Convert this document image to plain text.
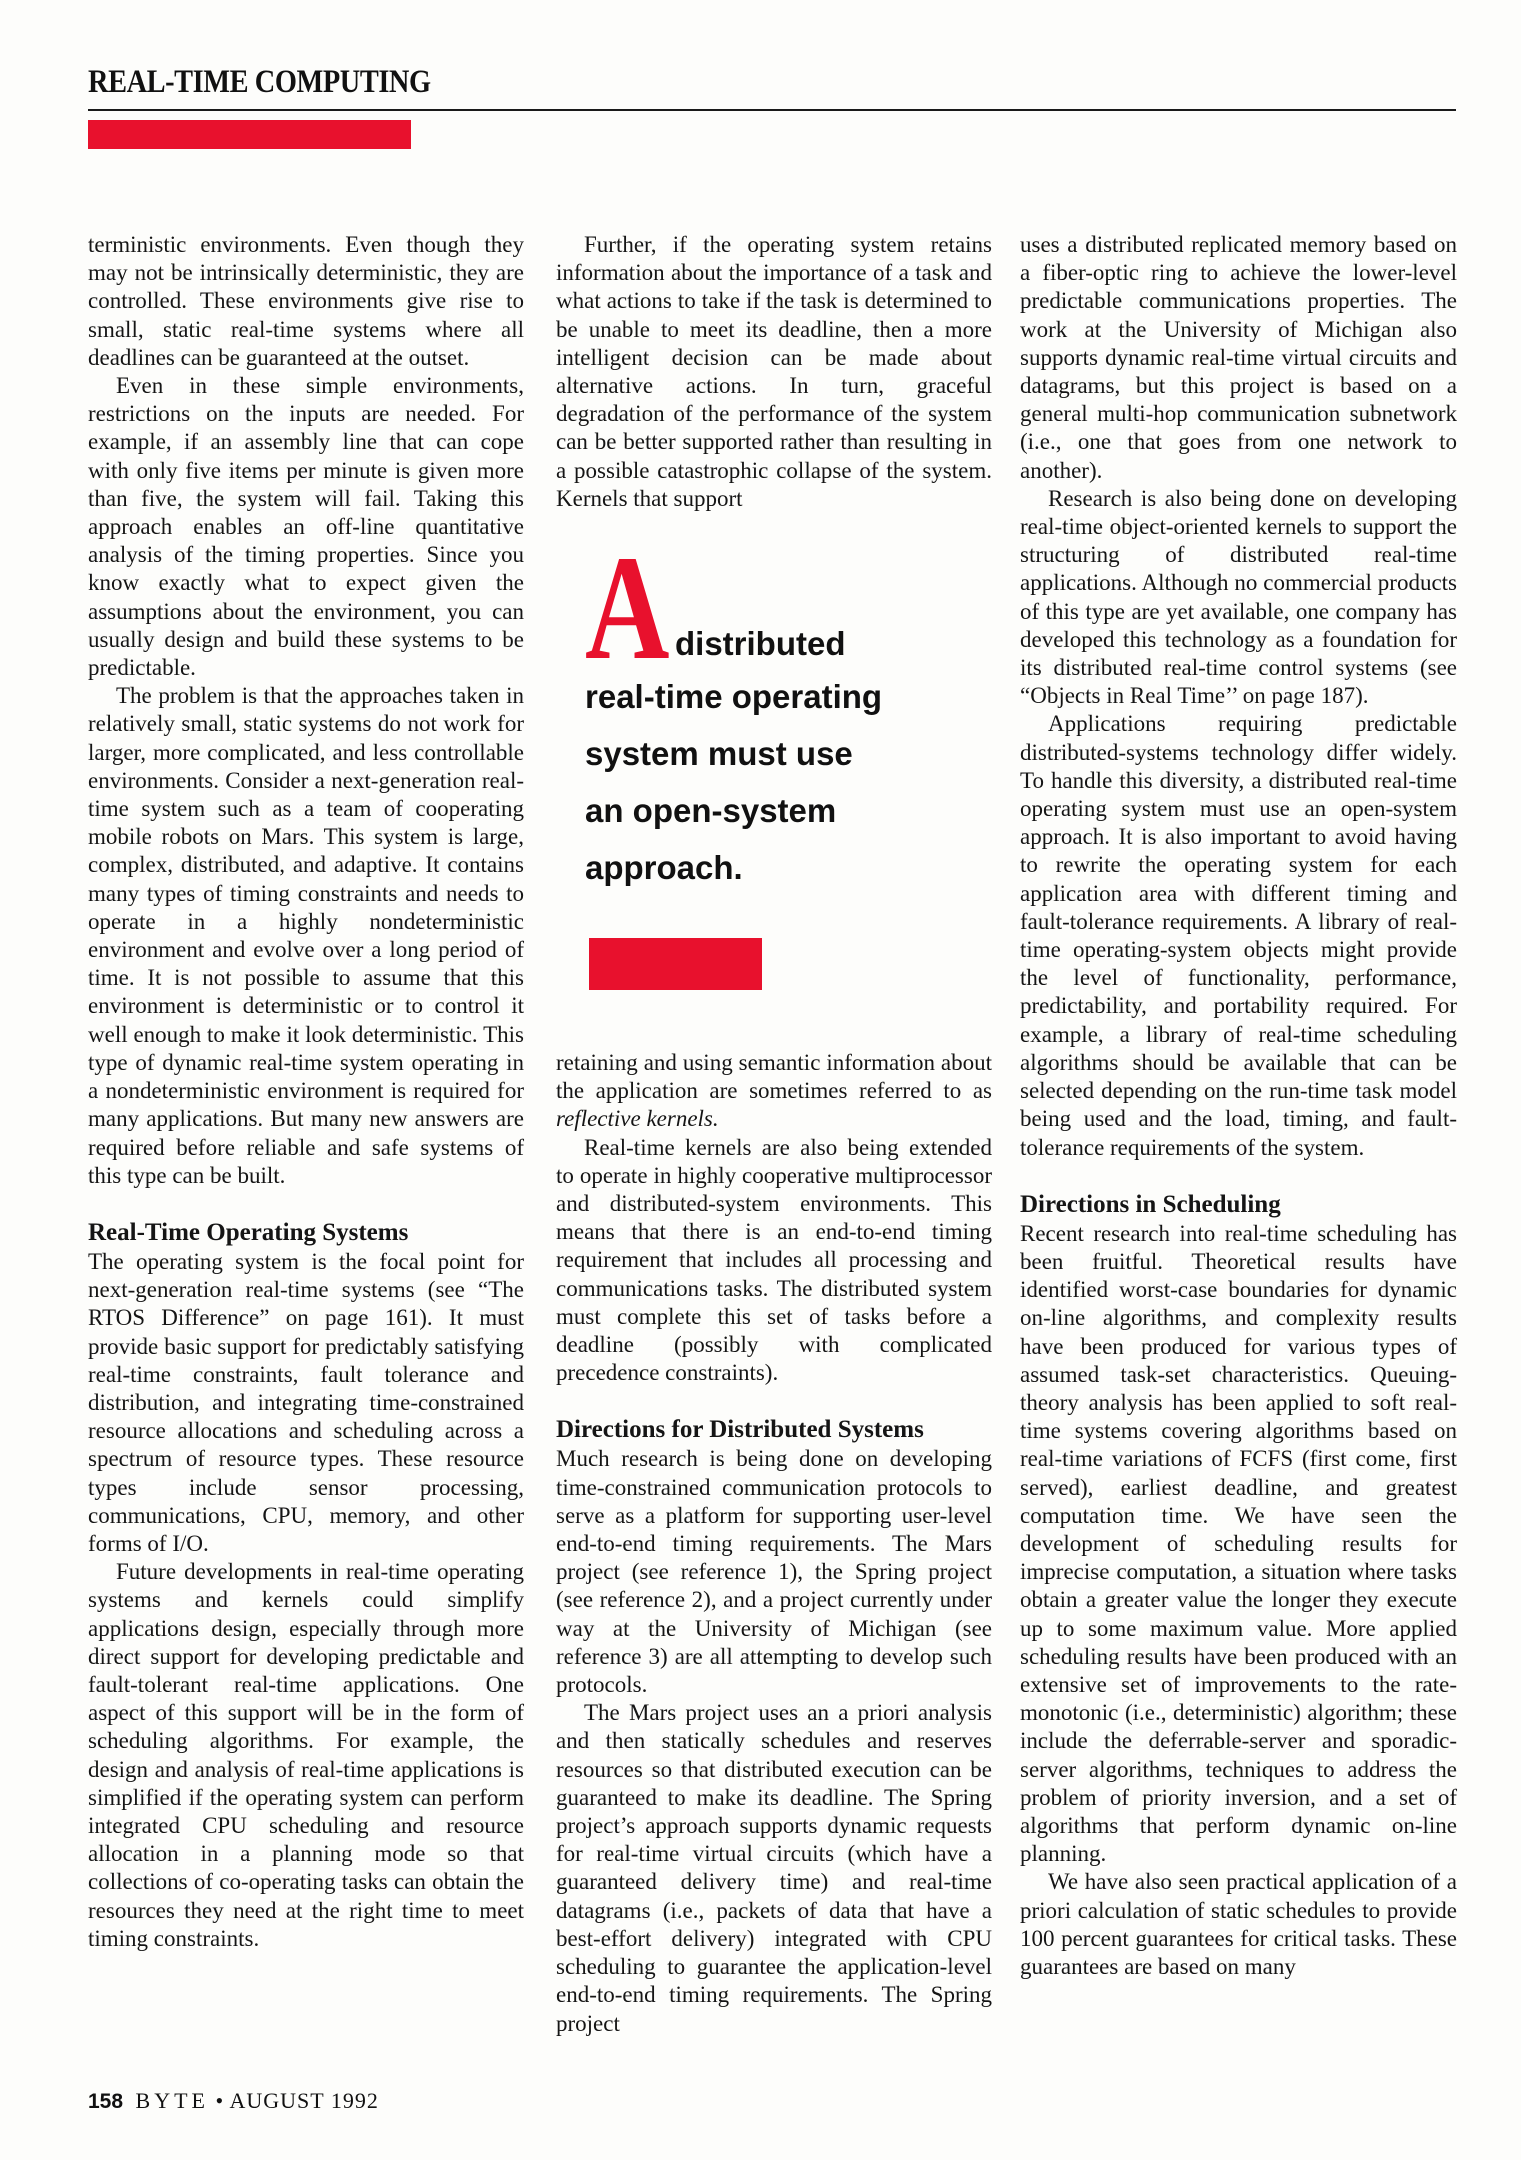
REAL-TIME COMPUTING

terministic environments. Even though they may not be intrinsically deterministic, they are controlled. These environments give rise to small, static real-time systems where all deadlines can be guaranteed at the outset.

Even in these simple environments, restrictions on the inputs are needed. For example, if an assembly line that can cope with only five items per minute is given more than five, the system will fail. Taking this approach enables an off-line quantitative analysis of the timing properties. Since you know exactly what to expect given the assumptions about the environment, you can usually design and build these systems to be predictable.

The problem is that the approaches taken in relatively small, static systems do not work for larger, more complicated, and less controllable environments. Consider a next-generation real-time system such as a team of cooperating mobile robots on Mars. This system is large, complex, distributed, and adaptive. It contains many types of timing constraints and needs to operate in a highly nondeterministic environment and evolve over a long period of time. It is not possible to assume that this environment is deterministic or to control it well enough to make it look deterministic. This type of dynamic real-time system operating in a nondeterministic environment is required for many applications. But many new answers are required before reliable and safe systems of this type can be built.

Real-Time Operating Systems

The operating system is the focal point for next-generation real-time systems (see “The RTOS Difference” on page 161). It must provide basic support for predictably satisfying real-time constraints, fault tolerance and distribution, and integrating time-constrained resource allocations and scheduling across a spectrum of resource types. These resource types include sensor processing, communications, CPU, memory, and other forms of I/O.

Future developments in real-time operating systems and kernels could simplify applications design, especially through more direct support for developing predictable and fault-tolerant real-time applications. One aspect of this support will be in the form of scheduling algorithms. For example, the design and analysis of real-time applications is simplified if the operating system can perform integrated CPU scheduling and resource allocation in a planning mode so that collections of co-operating tasks can obtain the resources they need at the right time to meet timing constraints.

Further, if the operating system retains information about the importance of a task and what actions to take if the task is determined to be unable to meet its deadline, then a more intelligent decision can be made about alternative actions. In turn, graceful degradation of the performance of the system can be better supported rather than resulting in a possible catastrophic collapse of the system. Kernels that support

A distributed
real-time operating
system must use
an open-system
approach.

retaining and using semantic information about the application are sometimes referred to as reflective kernels.

Real-time kernels are also being extended to operate in highly cooperative multiprocessor and distributed-system environments. This means that there is an end-to-end timing requirement that includes all processing and communications tasks. The distributed system must complete this set of tasks before a deadline (possibly with complicated precedence constraints).

Directions for Distributed Systems

Much research is being done on developing time-constrained communication protocols to serve as a platform for supporting user-level end-to-end timing requirements. The Mars project (see reference 1), the Spring project (see reference 2), and a project currently under way at the University of Michigan (see reference 3) are all attempting to develop such protocols.

The Mars project uses an a priori analysis and then statically schedules and reserves resources so that distributed execution can be guaranteed to make its deadline. The Spring project’s approach supports dynamic requests for real-time virtual circuits (which have a guaranteed delivery time) and real-time datagrams (i.e., packets of data that have a best-effort delivery) integrated with CPU scheduling to guarantee the application-level end-to-end timing requirements. The Spring project

uses a distributed replicated memory based on a fiber-optic ring to achieve the lower-level predictable communications properties. The work at the University of Michigan also supports dynamic real-time virtual circuits and datagrams, but this project is based on a general multi-hop communication subnetwork (i.e., one that goes from one network to another).

Research is also being done on developing real-time object-oriented kernels to support the structuring of distributed real-time applications. Although no commercial products of this type are yet available, one company has developed this technology as a foundation for its distributed real-time control systems (see “Objects in Real Time’’ on page 187).

Applications requiring predictable distributed-systems technology differ widely. To handle this diversity, a distributed real-time operating system must use an open-system approach. It is also important to avoid having to rewrite the operating system for each application area with different timing and fault-tolerance requirements. A library of real-time operating-system objects might provide the level of functionality, performance, predictability, and portability required. For example, a library of real-time scheduling algorithms should be available that can be selected depending on the run-time task model being used and the load, timing, and fault-tolerance requirements of the system.

Directions in Scheduling

Recent research into real-time scheduling has been fruitful. Theoretical results have identified worst-case boundaries for dynamic on-line algorithms, and complexity results have been produced for various types of assumed task-set characteristics. Queuing-theory analysis has been applied to soft real-time systems covering algorithms based on real-time variations of FCFS (first come, first served), earliest deadline, and greatest computation time. We have seen the development of scheduling results for imprecise computation, a situation where tasks obtain a greater value the longer they execute up to some maximum value. More applied scheduling results have been produced with an extensive set of improvements to the rate-monotonic (i.e., deterministic) algorithm; these include the deferrable-server and sporadic-server algorithms, techniques to address the problem of priority inversion, and a set of algorithms that perform dynamic on-line planning.

We have also seen practical application of a priori calculation of static schedules to provide 100 percent guarantees for critical tasks. These guarantees are based on many

158 BYTE • AUGUST 1992
